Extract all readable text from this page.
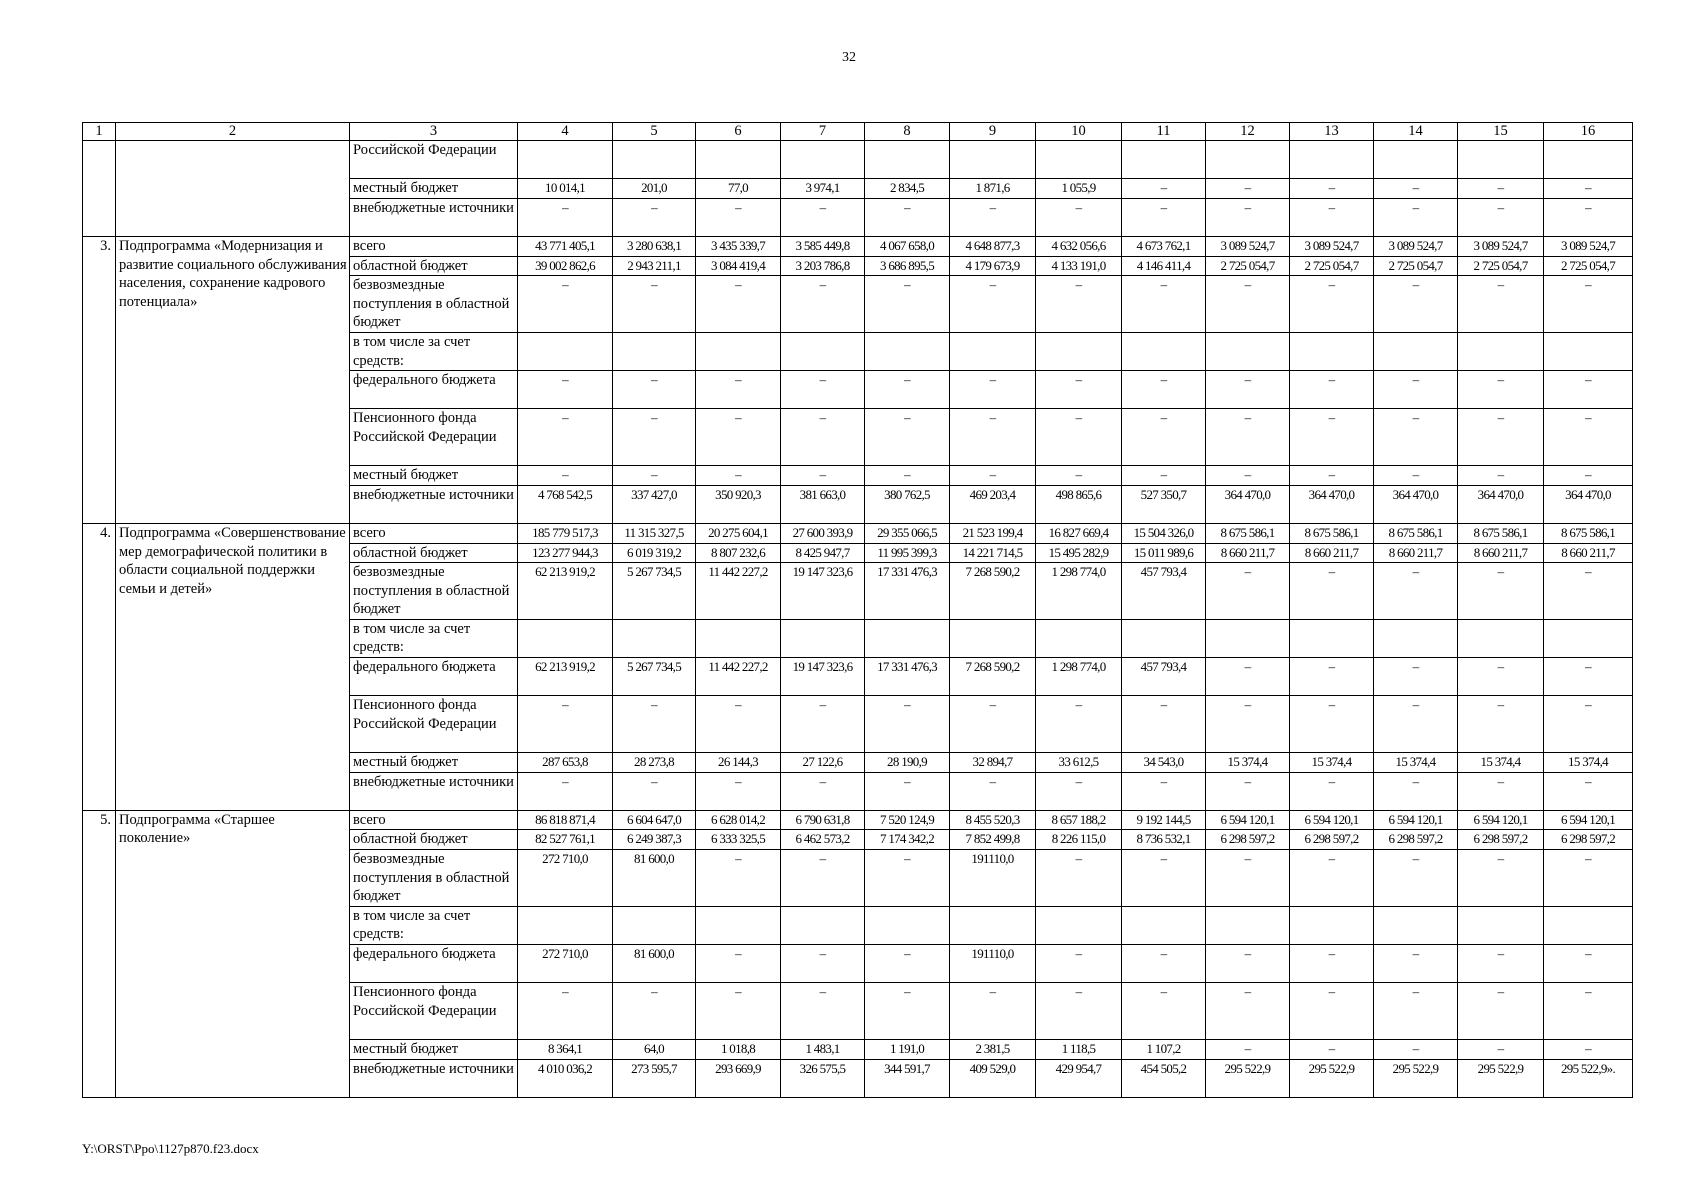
32
1	2	3	4	5	6	7	8	9	10	11	12	13	14	15	16
		Российской Федерации													
		местный бюджет	10 014,1	201,0	77,0	3 974,1	2 834,5	1 871,6	1 055,9	–	–	–	–	–	–
		внебюджетные источники	–	–	–	–	–	–	–	–	–	–	–	–	–
3.	Подпрограмма «Модернизация и развитие социального обслуживания населения, сохранение кадрового потенциала»	всего	43 771 405,1	3 280 638,1	3 435 339,7	3 585 449,8	4 067 658,0	4 648 877,3	4 632 056,6	4 673 762,1	3 089 524,7	3 089 524,7	3 089 524,7	3 089 524,7	3 089 524,7
		областной бюджет	39 002 862,6	2 943 211,1	3 084 419,4	3 203 786,8	3 686 895,5	4 179 673,9	4 133 191,0	4 146 411,4	2 725 054,7	2 725 054,7	2 725 054,7	2 725 054,7	2 725 054,7
		безвозмездные поступления в областной бюджет	–	–	–	–	–	–	–	–	–	–	–	–	–
		в том числе за счет средств:													
		федерального бюджета	–	–	–	–	–	–	–	–	–	–	–	–	–
		Пенсионного фонда Российской Федерации	–	–	–	–	–	–	–	–	–	–	–	–	–
		местный бюджет	–	–	–	–	–	–	–	–	–	–	–	–	–
		внебюджетные источники	4 768 542,5	337 427,0	350 920,3	381 663,0	380 762,5	469 203,4	498 865,6	527 350,7	364 470,0	364 470,0	364 470,0	364 470,0	364 470,0
4.	Подпрограмма «Совершенствование мер демографической политики в области социальной поддержки семьи и детей»	всего	185 779 517,3	11 315 327,5	20 275 604,1	27 600 393,9	29 355 066,5	21 523 199,4	16 827 669,4	15 504 326,0	8 675 586,1	8 675 586,1	8 675 586,1	8 675 586,1	8 675 586,1
		областной бюджет	123 277 944,3	6 019 319,2	8 807 232,6	8 425 947,7	11 995 399,3	14 221 714,5	15 495 282,9	15 011 989,6	8 660 211,7	8 660 211,7	8 660 211,7	8 660 211,7	8 660 211,7
		безвозмездные поступления в областной бюджет	62 213 919,2	5 267 734,5	11 442 227,2	19 147 323,6	17 331 476,3	7 268 590,2	1 298 774,0	457 793,4	–	–	–	–	–
		в том числе за счет средств:													
		федерального бюджета	62 213 919,2	5 267 734,5	11 442 227,2	19 147 323,6	17 331 476,3	7 268 590,2	1 298 774,0	457 793,4	–	–	–	–	–
		Пенсионного фонда Российской Федерации	–	–	–	–	–	–	–	–	–	–	–	–	–
		местный бюджет	287 653,8	28 273,8	26 144,3	27 122,6	28 190,9	32 894,7	33 612,5	34 543,0	15 374,4	15 374,4	15 374,4	15 374,4	15 374,4
		внебюджетные источники	–	–	–	–	–	–	–	–	–	–	–	–	–
5.	Подпрограмма «Старшее поколение»	всего	86 818 871,4	6 604 647,0	6 628 014,2	6 790 631,8	7 520 124,9	8 455 520,3	8 657 188,2	9 192 144,5	6 594 120,1	6 594 120,1	6 594 120,1	6 594 120,1	6 594 120,1
		областной бюджет	82 527 761,1	6 249 387,3	6 333 325,5	6 462 573,2	7 174 342,2	7 852 499,8	8 226 115,0	8 736 532,1	6 298 597,2	6 298 597,2	6 298 597,2	6 298 597,2	6 298 597,2
		безвозмездные поступления в областной бюджет	272 710,0	81 600,0	–	–	–	191110,0	–	–	–	–	–	–	–
		в том числе за счет средств:													
		федерального бюджета	272 710,0	81 600,0	–	–	–	191110,0	–	–	–	–	–	–	–
		Пенсионного фонда Российской Федерации	–	–	–	–	–	–	–	–	–	–	–	–	–
		местный бюджет	8 364,1	64,0	1 018,8	1 483,1	1 191,0	2 381,5	1 118,5	1 107,2	–	–	–	–	–
		внебюджетные источники	4 010 036,2	273 595,7	293 669,9	326 575,5	344 591,7	409 529,0	429 954,7	454 505,2	295 522,9	295 522,9	295 522,9	295 522,9	295 522,9».
Y:\ORST\Ppo\1127p870.f23.docx
